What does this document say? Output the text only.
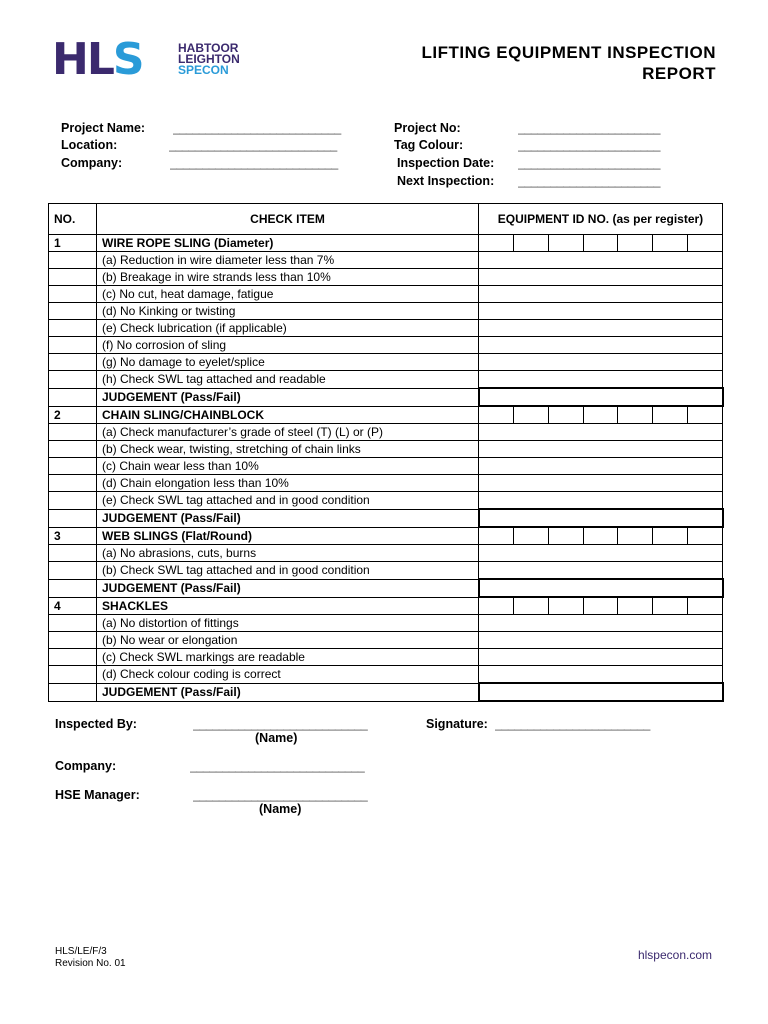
HLS	HABTOOR
LEIGHTON
SPECON
LIFTING EQUIPMENT INSPECTION
REPORT
Project Name: __________________________
Location:	__________________________
Company:	__________________________
Project No:	______________________
Tag Colour:	______________________
Inspection Date: ______________________
Next Inspection: ______________________
NO.	CHECK ITEM	EQUIPMENT ID NO. (as per register)
1	WIRE ROPE SLING (Diameter)	

	(a) Reduction in wire diameter less than 7%	
	(b) Breakage in wire strands less than 10%	
	(c) No cut, heat damage, fatigue	
	(d) No Kinking or twisting	
	(e) Check lubrication (if applicable)	
	(f) No corrosion of sling	
	(g) No damage to eyelet/splice	
	(h) Check SWL tag attached and readable	
	JUDGEMENT (Pass/Fail)	
2	CHAIN SLING/CHAINBLOCK	

	(a) Check manufacturer’s grade of steel (T) (L) or (P)	
	(b) Check wear, twisting, stretching of chain links	
	(c) Chain wear less than 10%	
	(d) Chain elongation less than 10%	
	(e) Check SWL tag attached and in good condition	
	JUDGEMENT (Pass/Fail)	
3	WEB SLINGS (Flat/Round)	

	(a) No abrasions, cuts, burns	
	(b) Check SWL tag attached and in good condition	
	JUDGEMENT (Pass/Fail)	
4	SHACKLES	

	(a) No distortion of fittings	
	(b) No wear or elongation	
	(c) Check SWL markings are readable	
	(d) Check colour coding is correct	
	JUDGEMENT (Pass/Fail)	
Inspected By:	___________________________
(Name)
Signature: ________________________
Company:	___________________________
HSE Manager:	___________________________
(Name)
HLS/LE/F/3
Revision No. 01
hlspecon.com
